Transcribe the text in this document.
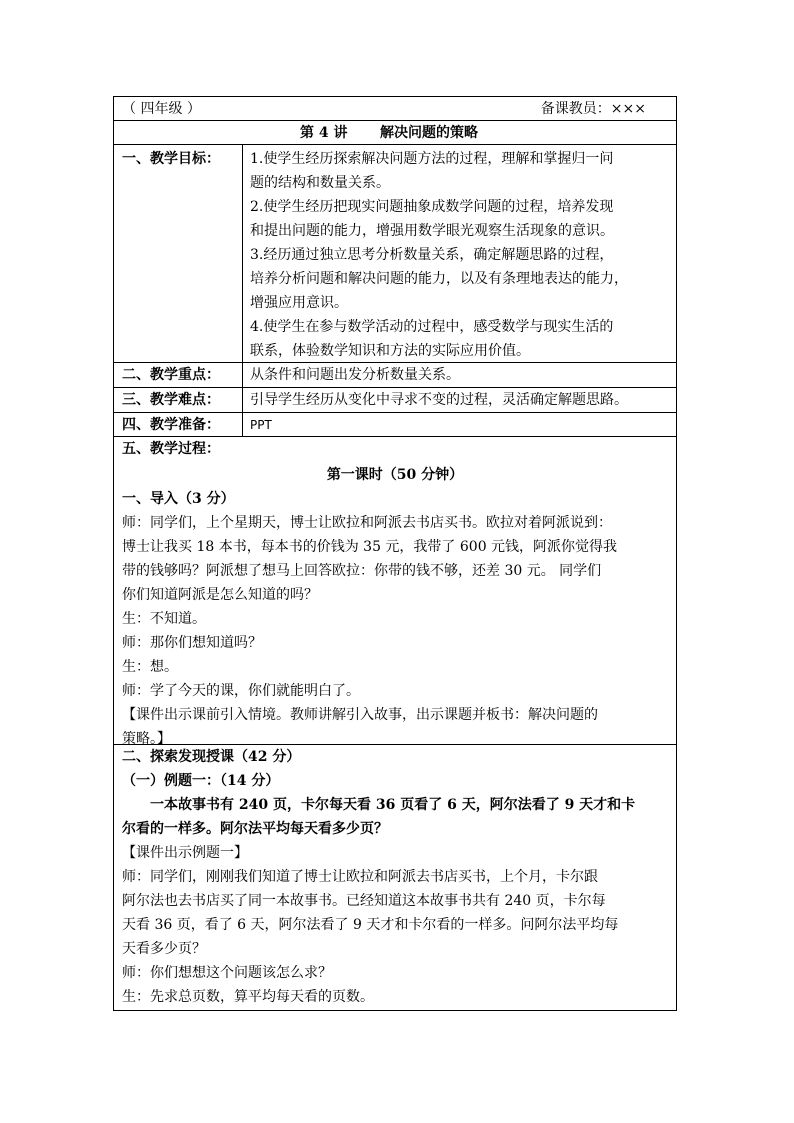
（ 四年级 ）	备课教员：×××
第 4 讲 解决问题的策略
一、教学目标： 1.使学生经历探索解决问题方法的过程，理解和掌握归一问
题的结构和数量关系。
2.使学生经历把现实问题抽象成数学问题的过程，培养发现
和提出问题的能力，增强用数学眼光观察生活现象的意识。
3.经历通过独立思考分析数量关系，确定解题思路的过程，
培养分析问题和解决问题的能力，以及有条理地表达的能力，
增强应用意识。
4.使学生在参与数学活动的过程中，感受数学与现实生活的
联系，体验数学知识和方法的实际应用价值。
二、教学重点： 从条件和问题出发分析数量关系。
三、教学难点： 引导学生经历从变化中寻求不变的过程，灵活确定解题思路。
四、教学准备：	PPT
五、教学过程：
第一课时（50 分钟）
一、导入（3 分）
师：同学们，上个星期天，博士让欧拉和阿派去书店买书。欧拉对着阿派说到：
博士让我买 18 本书，每本书的价钱为 35 元，我带了 600 元钱，阿派你觉得我
带的钱够吗？阿派想了想马上回答欧拉：你带的钱不够，还差 30 元。 同学们
你们知道阿派是怎么知道的吗？
生：不知道。
师：那你们想知道吗？
生：想。
师：学了今天的课，你们就能明白了。
【课件出示课前引入情境。教师讲解引入故事，出示课题并板书：解决问题的
策略。】
二、探索发现授课（42 分）
（一）例题一：（14 分）
一本故事书有 240 页，卡尔每天看 36 页看了 6 天，阿尔法看了 9 天才和卡
尔看的一样多。阿尔法平均每天看多少页？
【课件出示例题一】
师：同学们，刚刚我们知道了博士让欧拉和阿派去书店买书，上个月，卡尔跟
阿尔法也去书店买了同一本故事书。已经知道这本故事书共有 240 页，卡尔每
天看 36 页，看了 6 天，阿尔法看了 9 天才和卡尔看的一样多。问阿尔法平均每
天看多少页？
师：你们想想这个问题该怎么求？
生：先求总页数，算平均每天看的页数。
